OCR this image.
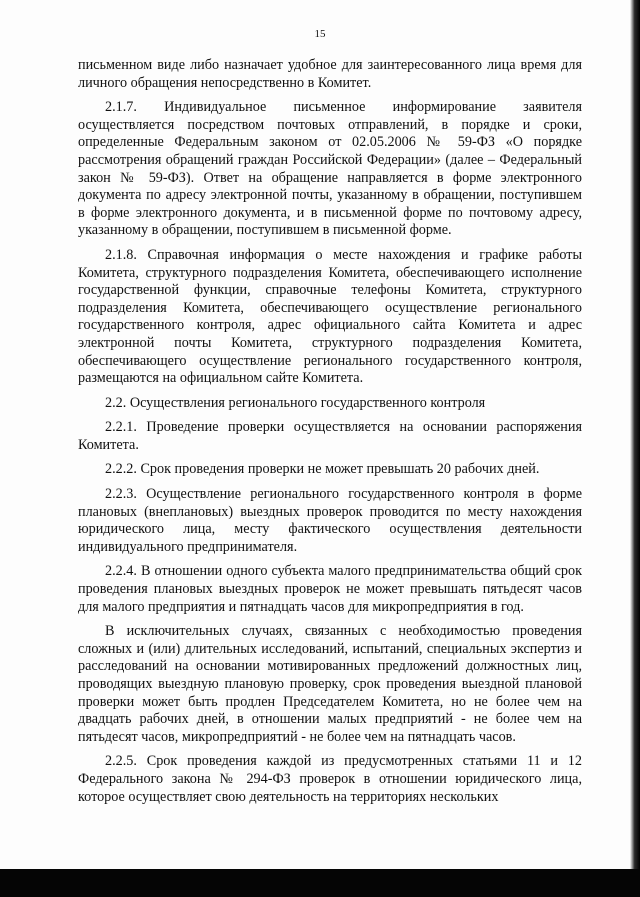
15

письменном виде либо назначает удобное для заинтересованного лица время для личного обращения непосредственно в Комитет.

2.1.7. Индивидуальное письменное информирование заявителя осуществляется посредством почтовых отправлений, в порядке и сроки, определенные Федеральным законом от 02.05.2006 № 59-ФЗ «О порядке рассмотрения обращений граждан Российской Федерации» (далее – Федеральный закон № 59-ФЗ). Ответ на обращение направляется в форме электронного документа по адресу электронной почты, указанному в обращении, поступившем в форме электронного документа, и в письменной форме по почтовому адресу, указанному в обращении, поступившем в письменной форме.

2.1.8. Справочная информация о месте нахождения и графике работы Комитета, структурного подразделения Комитета, обеспечивающего исполнение государственной функции, справочные телефоны Комитета, структурного подразделения Комитета, обеспечивающего осуществление регионального государственного контроля, адрес официального сайта Комитета и адрес электронной почты Комитета, структурного подразделения Комитета, обеспечивающего осуществление регионального государственного контроля, размещаются на официальном сайте Комитета.

2.2. Осуществления регионального государственного контроля

2.2.1. Проведение проверки осуществляется на основании распоряжения Комитета.

2.2.2. Срок проведения проверки не может превышать 20 рабочих дней.

2.2.3. Осуществление регионального государственного контроля в форме плановых (внеплановых) выездных проверок проводится по месту нахождения юридического лица, месту фактического осуществления деятельности индивидуального предпринимателя.

2.2.4. В отношении одного субъекта малого предпринимательства общий срок проведения плановых выездных проверок не может превышать пятьдесят часов для малого предприятия и пятнадцать часов для микропредприятия в год.

В исключительных случаях, связанных с необходимостью проведения сложных и (или) длительных исследований, испытаний, специальных экспертиз и расследований на основании мотивированных предложений должностных лиц, проводящих выездную плановую проверку, срок проведения выездной плановой проверки может быть продлен Председателем Комитета, но не более чем на двадцать рабочих дней, в отношении малых предприятий - не более чем на пятьдесят часов, микропредприятий - не более чем на пятнадцать часов.

2.2.5. Срок проведения каждой из предусмотренных статьями 11 и 12 Федерального закона № 294-ФЗ проверок в отношении юридического лица, которое осуществляет свою деятельность на территориях нескольких
